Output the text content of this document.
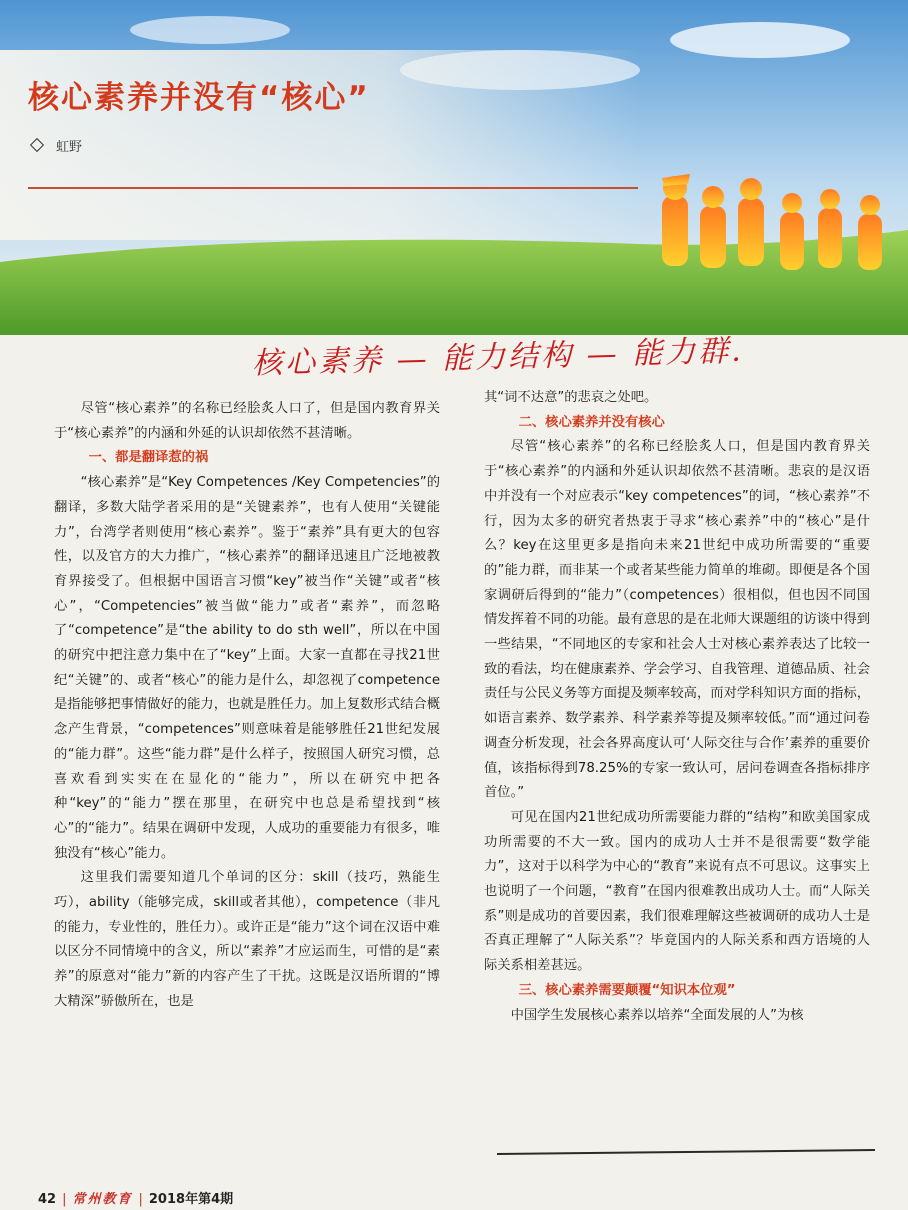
核心素养并没有“核心”
虹野
核心素养 — 能力结构 — 能力群.

尽管“核心素养”的名称已经脍炙人口了，但是国内教育界关于“核心素养”的内涵和外延的认识却依然不甚清晰。

一、都是翻译惹的祸

“核心素养”是“Key Competences /Key Competencies”的翻译，多数大陆学者采用的是“关键素养”，也有人使用“关键能力”，台湾学者则使用“核心素养”。鉴于“素养”具有更大的包容性，以及官方的大力推广，“核心素养”的翻译迅速且广泛地被教育界接受了。但根据中国语言习惯“key”被当作“关键”或者“核心”，“Competencies”被当做“能力”或者“素养”，而忽略了“competence”是“the ability to do sth well”，所以在中国的研究中把注意力集中在了“key”上面。大家一直都在寻找21世纪“关键”的、或者“核心”的能力是什么，却忽视了competence是指能够把事情做好的能力，也就是胜任力。加上复数形式结合概念产生背景，“competences”则意味着是能够胜任21世纪发展的“能力群”。这些“能力群”是什么样子，按照国人研究习惯，总喜欢看到实实在在显化的“能力”，所以在研究中把各种“key”的“能力”摆在那里，在研究中也总是希望找到“核心”的“能力”。结果在调研中发现，人成功的重要能力有很多，唯独没有“核心”能力。

这里我们需要知道几个单词的区分：skill（技巧，熟能生巧），ability（能够完成，skill或者其他），competence（非凡的能力，专业性的，胜任力）。或许正是“能力”这个词在汉语中难以区分不同情境中的含义，所以“素养”才应运而生，可惜的是“素养”的原意对“能力”新的内容产生了干扰。这既是汉语所谓的“博大精深”骄傲所在，也是

其“词不达意”的悲哀之处吧。

二、核心素养并没有核心

尽管“核心素养”的名称已经脍炙人口，但是国内教育界关于“核心素养”的内涵和外延认识却依然不甚清晰。悲哀的是汉语中并没有一个对应表示“key competences”的词，“核心素养”不行，因为太多的研究者热衷于寻求“核心素养”中的“核心”是什么？key在这里更多是指向未来21世纪中成功所需要的“重要的”能力群，而非某一个或者某些能力简单的堆砌。即便是各个国家调研后得到的“能力”（competences）很相似，但也因不同国情发挥着不同的功能。最有意思的是在北师大课题组的访谈中得到一些结果，“不同地区的专家和社会人士对核心素养表达了比较一致的看法，均在健康素养、学会学习、自我管理、道德品质、社会责任与公民义务等方面提及频率较高，而对学科知识方面的指标，如语言素养、数学素养、科学素养等提及频率较低。”而“通过问卷调查分析发现，社会各界高度认可‘人际交往与合作’素养的重要价值，该指标得到78.25%的专家一致认可，居问卷调查各指标排序首位。”

可见在国内21世纪成功所需要能力群的“结构”和欧美国家成功所需要的不大一致。国内的成功人士并不是很需要“数学能力”，这对于以科学为中心的“教育”来说有点不可思议。这事实上也说明了一个问题，“教育”在国内很难教出成功人士。而“人际关系”则是成功的首要因素，我们很难理解这些被调研的成功人士是否真正理解了“人际关系”？毕竟国内的人际关系和西方语境的人际关系相差甚远。

三、核心素养需要颠覆“知识本位观”

中国学生发展核心素养以培养“全面发展的人”为核

42 | 常州教育 | 2018年第4期
